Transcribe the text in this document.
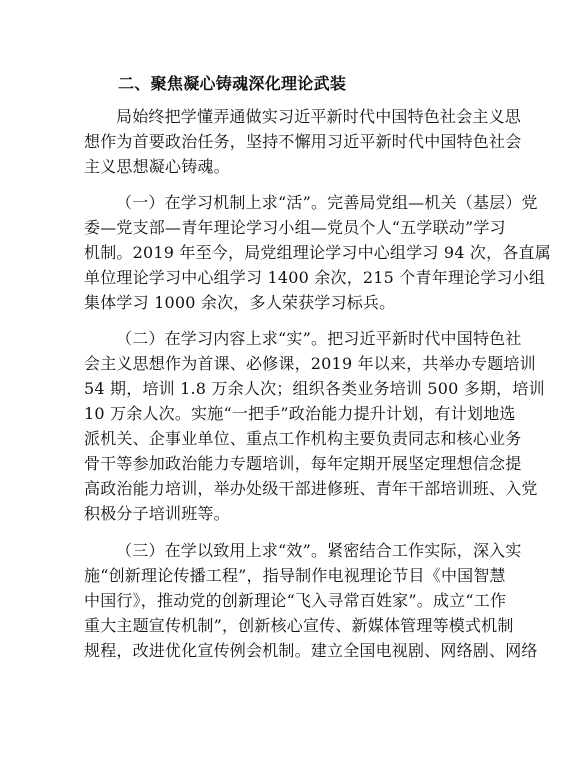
二、聚焦凝心铸魂深化理论武装
局始终把学懂弄通做实习近平新时代中国特色社会主义思
想作为首要政治任务，坚持不懈用习近平新时代中国特色社会
主义思想凝心铸魂。
（一）在学习机制上求“活”。完善局党组—机关（基层）党
委—党支部—青年理论学习小组—党员个人“五学联动”学习
机制。2019 年至今，局党组理论学习中心组学习 94 次，各直属
单位理论学习中心组学习 1400 余次，215 个青年理论学习小组
集体学习 1000 余次，多人荣获学习标兵。
（二）在学习内容上求“实”。把习近平新时代中国特色社
会主义思想作为首课、必修课，2019 年以来，共举办专题培训
54 期，培训 1.8 万余人次；组织各类业务培训 500 多期，培训
10 万余人次。实施“一把手”政治能力提升计划，有计划地选
派机关、企事业单位、重点工作机构主要负责同志和核心业务
骨干等参加政治能力专题培训，每年定期开展坚定理想信念提
高政治能力培训，举办处级干部进修班、青年干部培训班、入党
积极分子培训班等。
（三）在学以致用上求“效”。紧密结合工作实际，深入实
施“创新理论传播工程”，指导制作电视理论节目《中国智慧
中国行》，推动党的创新理论“飞入寻常百姓家”。成立“工作
重大主题宣传机制”，创新核心宣传、新媒体管理等模式机制
规程，改进优化宣传例会机制。建立全国电视剧、网络剧、网络
